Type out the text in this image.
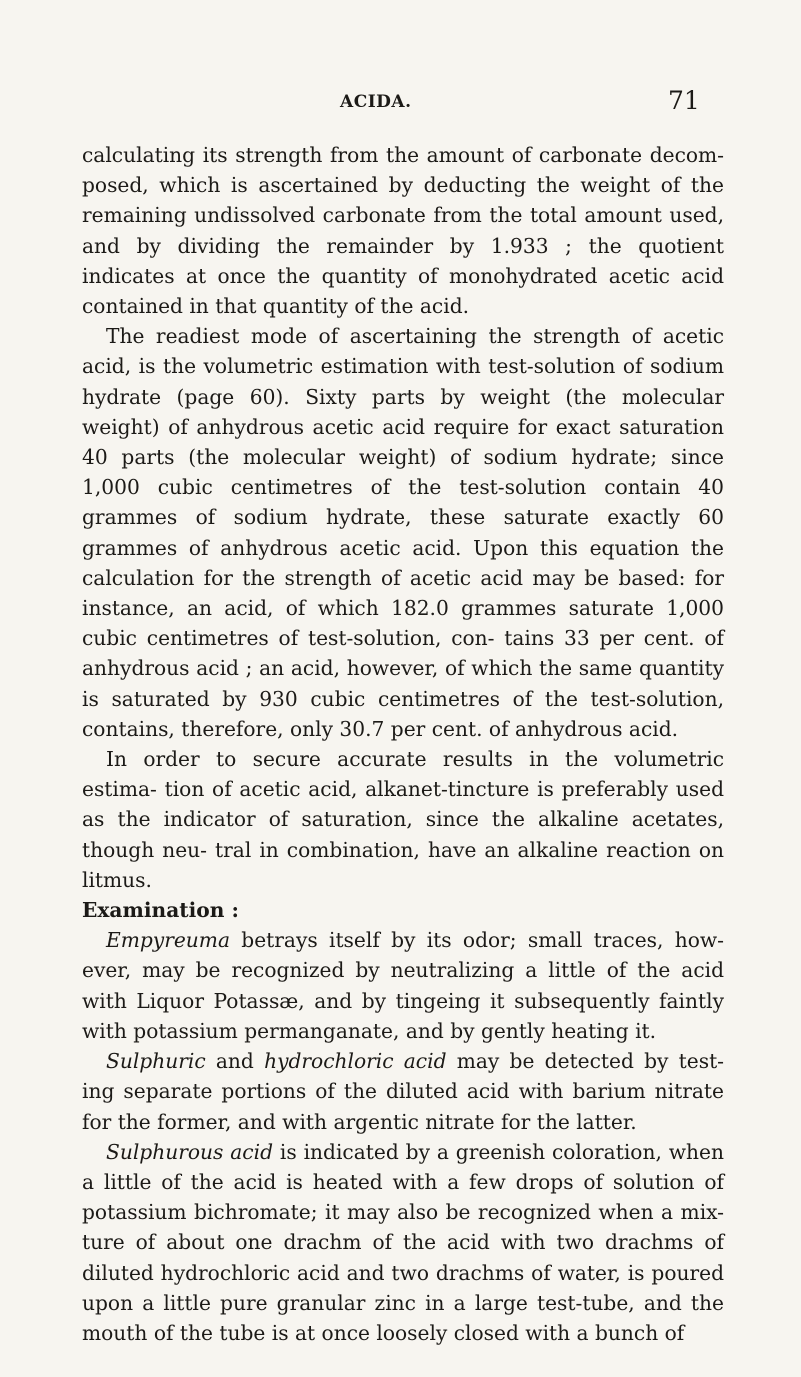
ACIDA.	71

calculating its strength from the amount of carbonate decom- posed, which is ascertained by deducting the weight of the remaining undissolved carbonate from the total amount used, and by dividing the remainder by 1.933 ; the quotient indicates at once the quantity of monohydrated acetic acid contained in that quantity of the acid.

The readiest mode of ascertaining the strength of acetic acid, is the volumetric estimation with test-solution of sodium hydrate (page 60). Sixty parts by weight (the molecular weight) of anhydrous acetic acid require for exact saturation 40 parts (the molecular weight) of sodium hydrate; since 1,000 cubic centimetres of the test-solution contain 40 grammes of sodium hydrate, these saturate exactly 60 grammes of anhydrous acetic acid. Upon this equation the calculation for the strength of acetic acid may be based: for instance, an acid, of which 182.0 grammes saturate 1,000 cubic centimetres of test-solution, con- tains 33 per cent. of anhydrous acid ; an acid, however, of which the same quantity is saturated by 930 cubic centimetres of the test-solution, contains, therefore, only 30.7 per cent. of anhydrous acid.

In order to secure accurate results in the volumetric estima- tion of acetic acid, alkanet-tincture is preferably used as the indicator of saturation, since the alkaline acetates, though neu- tral in combination, have an alkaline reaction on litmus.

Examination :

Empyreuma betrays itself by its odor; small traces, how- ever, may be recognized by neutralizing a little of the acid with Liquor Potassæ, and by tingeing it subsequently faintly with potassium permanganate, and by gently heating it.

Sulphuric and hydrochloric acid may be detected by test- ing separate portions of the diluted acid with barium nitrate for the former, and with argentic nitrate for the latter.

Sulphurous acid is indicated by a greenish coloration, when a little of the acid is heated with a few drops of solution of potassium bichromate; it may also be recognized when a mix- ture of about one drachm of the acid with two drachms of diluted hydrochloric acid and two drachms of water, is poured upon a little pure granular zinc in a large test-tube, and the mouth of the tube is at once loosely closed with a bunch of
